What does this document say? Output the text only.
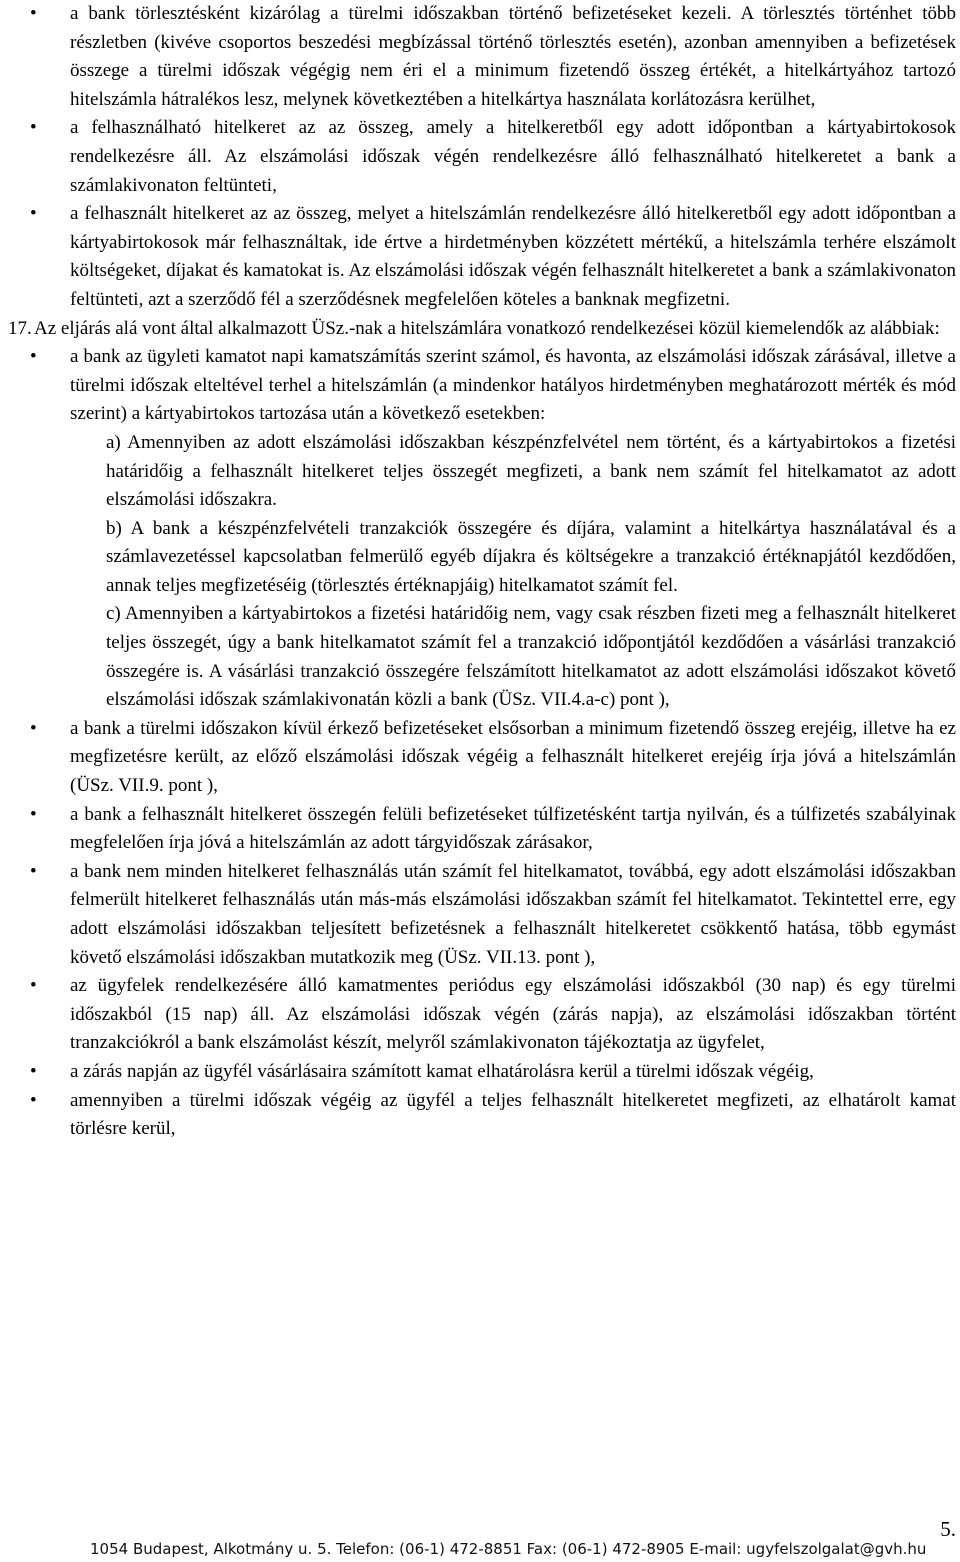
• a bank törlesztésként kizárólag a türelmi időszakban történő befizetéseket kezeli. A törlesztés történhet több részletben (kivéve csoportos beszedési megbízással történő törlesztés esetén), azonban amennyiben a befizetések összege a türelmi időszak végégig nem éri el a minimum fizetendő összeg értékét, a hitelkártyához tartozó hitelszámla hátralékos lesz, melynek következtében a hitelkártya használata korlátozásra kerülhet,

• a felhasználható hitelkeret az az összeg, amely a hitelkeretből egy adott időpontban a kártyabirtokosok rendelkezésre áll. Az elszámolási időszak végén rendelkezésre álló felhasználható hitelkeretet a bank a számlakivonaton feltünteti,

• a felhasznált hitelkeret az az összeg, melyet a hitelszámlán rendelkezésre álló hitelkeretből egy adott időpontban a kártyabirtokosok már felhasználtak, ide értve a hirdetményben közzétett mértékű, a hitelszámla terhére elszámolt költségeket, díjakat és kamatokat is. Az elszámolási időszak végén felhasznált hitelkeretet a bank a számlakivonaton feltünteti, azt a szerződő fél a szerződésnek megfelelően köteles a banknak megfizetni.

17. Az eljárás alá vont által alkalmazott ÜSz.-nak a hitelszámlára vonatkozó rendelkezései közül kiemelendők az alábbiak:

• a bank az ügyleti kamatot napi kamatszámítás szerint számol, és havonta, az elszámolási időszak zárásával, illetve a türelmi időszak elteltével terhel a hitelszámlán (a mindenkor hatályos hirdetményben meghatározott mérték és mód szerint) a kártyabirtokos tartozása után a következő esetekben:

a) Amennyiben az adott elszámolási időszakban készpénzfelvétel nem történt, és a kártyabirtokos a fizetési határidőig a felhasznált hitelkeret teljes összegét megfizeti, a bank nem számít fel hitelkamatot az adott elszámolási időszakra.

b) A bank a készpénzfelvételi tranzakciók összegére és díjára, valamint a hitelkártya használatával és a számlavezetéssel kapcsolatban felmerülő egyéb díjakra és költségekre a tranzakció értéknapjától kezdődően, annak teljes megfizetéséig (törlesztés értéknapjáig) hitelkamatot számít fel.

c) Amennyiben a kártyabirtokos a fizetési határidőig nem, vagy csak részben fizeti meg a felhasznált hitelkeret teljes összegét, úgy a bank hitelkamatot számít fel a tranzakció időpontjától kezdődően a vásárlási tranzakció összegére is. A vásárlási tranzakció összegére felszámított hitelkamatot az adott elszámolási időszakot követő elszámolási időszak számlakivonatán közli a bank (ÜSz. VII.4.a-c) pont ),

• a bank a türelmi időszakon kívül érkező befizetéseket elsősorban a minimum fizetendő összeg erejéig, illetve ha ez megfizetésre került, az előző elszámolási időszak végéig a felhasznált hitelkeret erejéig írja jóvá a hitelszámlán (ÜSz. VII.9. pont ),

• a bank a felhasznált hitelkeret összegén felüli befizetéseket túlfizetésként tartja nyilván, és a túlfizetés szabályinak megfelelően írja jóvá a hitelszámlán az adott tárgyidőszak zárásakor,

• a bank nem minden hitelkeret felhasználás után számít fel hitelkamatot, továbbá, egy adott elszámolási időszakban felmerült hitelkeret felhasználás után más-más elszámolási időszakban számít fel hitelkamatot. Tekintettel erre, egy adott elszámolási időszakban teljesített befizetésnek a felhasznált hitelkeretet csökkentő hatása, több egymást követő elszámolási időszakban mutatkozik meg (ÜSz. VII.13. pont ),

• az ügyfelek rendelkezésére álló kamatmentes periódus egy elszámolási időszakból (30 nap) és egy türelmi időszakból (15 nap) áll. Az elszámolási időszak végén (zárás napja), az elszámolási időszakban történt tranzakciókról a bank elszámolást készít, melyről számlakivonaton tájékoztatja az ügyfelet,

• a zárás napján az ügyfél vásárlásaira számított kamat elhatárolásra kerül a türelmi időszak végéig,

• amennyiben a türelmi időszak végéig az ügyfél a teljes felhasznált hitelkeretet megfizeti, az elhatárolt kamat törlésre kerül,

5.
1054 Budapest, Alkotmány u. 5. Telefon: (06-1) 472-8851 Fax: (06-1) 472-8905 E-mail: ugyfelszolgalat@gvh.hu
